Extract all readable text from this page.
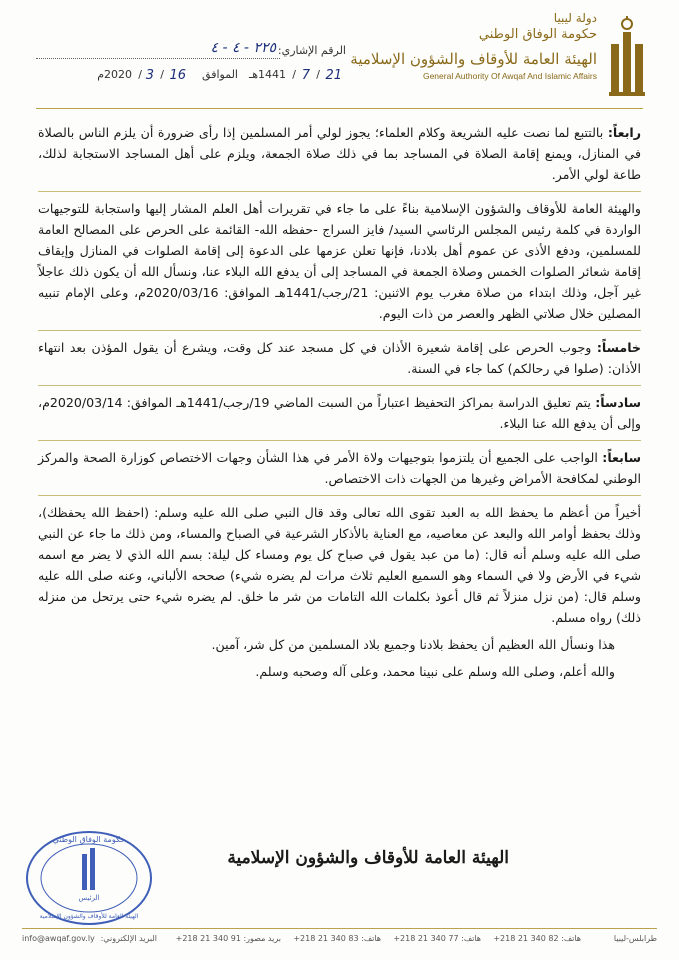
دولة ليبيا

حكومة الوفاق الوطني

الهيئة العامة للأوقاف والشؤون الإسلامية
General Authority Of Awqaf And Islamic Affairs
الرقم الإشاري:
٢٢٥ - ٤ - ٤
21
/
7
/
1441هـ
الموافق
16
/
3
/
2020م

رابعاً: بالتتبع لما نصت عليه الشريعة وكلام العلماء؛ يجوز لولي أمر المسلمين إذا رأى ضرورة أن يلزم الناس بالصلاة في المنازل، ويمنع إقامة الصلاة في المساجد بما في ذلك صلاة الجمعة، ويلزم على أهل المساجد الاستجابة لذلك، طاعة لولي الأمر.

والهيئة العامة للأوقاف والشؤون الإسلامية بناءً على ما جاء في تقريرات أهل العلم المشار إليها واستجابة للتوجيهات الواردة في كلمة رئيس المجلس الرئاسي السيد/ فايز السراج -حفظه الله- القائمة على الحرص على المصالح العامة للمسلمين، ودفع الأذى عن عموم أهل بلادنا، فإنها تعلن عزمها على الدعوة إلى إقامة الصلوات في المنازل وإيقاف إقامة شعائر الصلوات الخمس وصلاة الجمعة في المساجد إلى أن يدفع الله البلاء عنا، ونسأل الله أن يكون ذلك عاجلاً غير آجل، وذلك ابتداء من صلاة مغرب يوم الاثنين: 21/رجب/1441هـ الموافق: 2020/03/16م، وعلى الإمام تنبيه المصلين خلال صلاتي الظهر والعصر من ذات اليوم.

خامساً: وجوب الحرص على إقامة شعيرة الأذان في كل مسجد عند كل وقت، ويشرع أن يقول المؤذن بعد انتهاء الأذان: (صلوا في رحالكم) كما جاء في السنة.

سادساً: يتم تعليق الدراسة بمراكز التحفيظ اعتباراً من السبت الماضي 19/رجب/1441هـ الموافق: 2020/03/14م، وإلى أن يدفع الله عنا البلاء.

سابعاً: الواجب على الجميع أن يلتزموا بتوجيهات ولاة الأمر في هذا الشأن وجهات الاختصاص كوزارة الصحة والمركز الوطني لمكافحة الأمراض وغيرها من الجهات ذات الاختصاص.

أخيراً من أعظم ما يحفظ الله به العبد تقوى الله تعالى وقد قال النبي صلى الله عليه وسلم: (احفظ الله يحفظك)، وذلك بحفظ أوامر الله والبعد عن معاصيه، مع العناية بالأذكار الشرعية في الصباح والمساء، ومن ذلك ما جاء عن النبي صلى الله عليه وسلم أنه قال: (ما من عبد يقول في صباح كل يوم ومساء كل ليلة: بسم الله الذي لا يضر مع اسمه شيء في الأرض ولا في السماء وهو السميع العليم ثلاث مرات لم يضره شيء) صححه الألباني، وعنه صلى الله عليه وسلم قال: (من نزل منزلاً ثم قال أعوذ بكلمات الله التامات من شر ما خلق. لم يضره شيء حتى يرتحل من منزله ذلك) رواه مسلم.

هذا ونسأل الله العظيم أن يحفظ بلادنا وجميع بلاد المسلمين من كل شر، آمين.

والله أعلم، وصلى الله وسلم على نبينا محمد، وعلى آله وصحبه وسلم.

الهيئة العامة للأوقاف والشؤون الإسلامية
حكومة الوفاق الوطني
الرئيس
الهيئة العامة للأوقاف والشؤون الإسلامية
طرابلس-ليبيا
هاتف: 82 340 21 218+
هاتف: 77 340 21 218+
هاتف: 83 340 21 218+
بريد مصور: 91 340 21 218+
البريد الإلكتروني:
info@awqaf.gov.ly
